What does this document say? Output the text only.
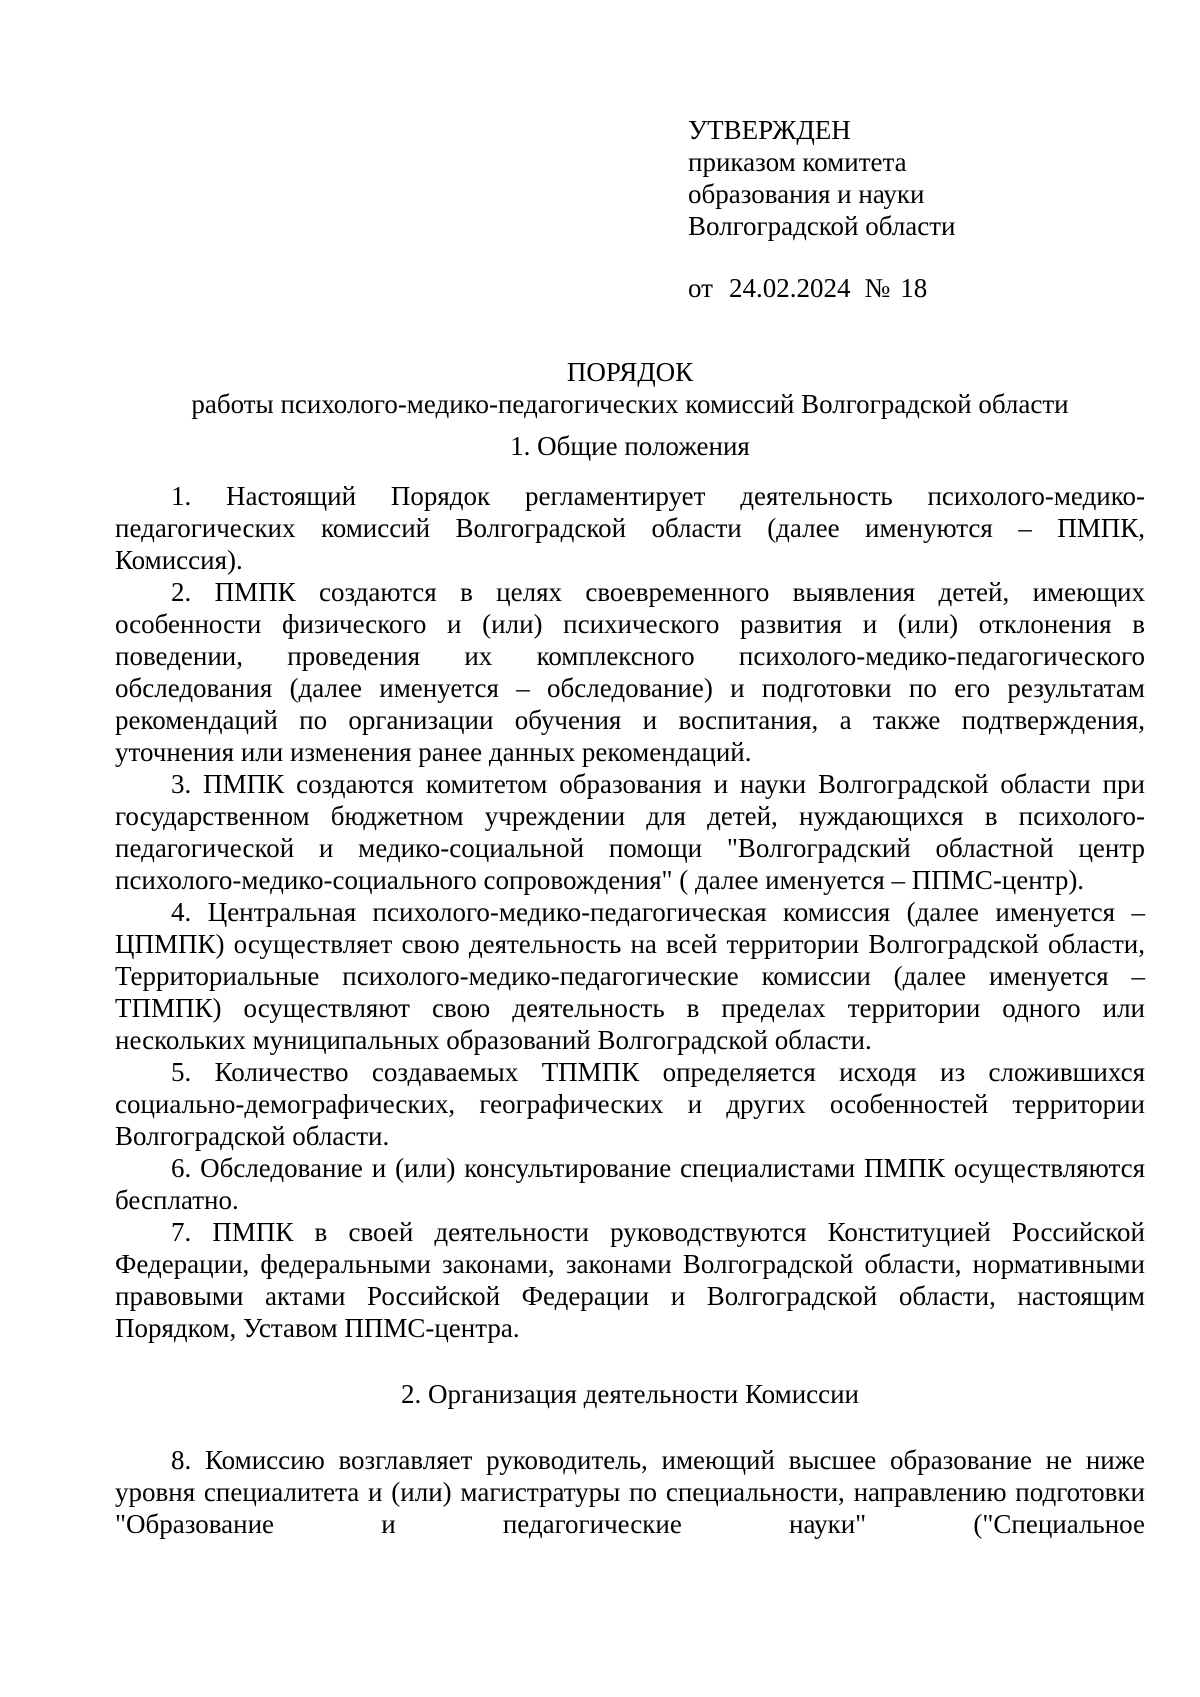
УТВЕРЖДЕН
приказом комитета
образования и науки
Волгоградской области
от 24.02.2024 № 18
ПОРЯДОК
работы психолого-медико-педагогических комиссий Волгоградской области
1. Общие положения

1. Настоящий Порядок регламентирует деятельность психолого-медико-педагогических комиссий Волгоградской области (далее именуются – ПМПК, Комиссия).

2. ПМПК создаются в целях своевременного выявления детей, имеющих особенности физического и (или) психического развития и (или) отклонения в поведении, проведения их комплексного психолого-медико-педагогического обследования (далее именуется – обследование) и подготовки по его результатам рекомендаций по организации обучения и воспитания, а также подтверждения, уточнения или изменения ранее данных рекомендаций.

3. ПМПК создаются комитетом образования и науки Волгоградской области при государственном бюджетном учреждении для детей, нуждающихся в психолого-педагогической и медико-социальной помощи "Волгоградский областной центр психолого-медико-социального сопровождения" ( далее именуется – ППМС-центр).

4. Центральная психолого-медико-педагогическая комиссия (далее именуется – ЦПМПК) осуществляет свою деятельность на всей территории Волгоградской области, Территориальные психолого-медико-педагогические комиссии (далее именуется – ТПМПК) осуществляют свою деятельность в пределах территории одного или нескольких муниципальных образований Волгоградской области.

5. Количество создаваемых ТПМПК определяется исходя из сложившихся социально-демографических, географических и других особенностей территории Волгоградской области.

6. Обследование и (или) консультирование специалистами ПМПК осуществляются бесплатно.

7. ПМПК в своей деятельности руководствуются Конституцией Российской Федерации, федеральными законами, законами Волгоградской области, нормативными правовыми актами Российской Федерации и Волгоградской области, настоящим Порядком, Уставом ППМС-центра.

2. Организация деятельности Комиссии

8. Комиссию возглавляет руководитель, имеющий высшее образование не ниже уровня специалитета и (или) магистратуры по специальности, направлению подготовки "Образование и педагогические науки" ("Специальное
